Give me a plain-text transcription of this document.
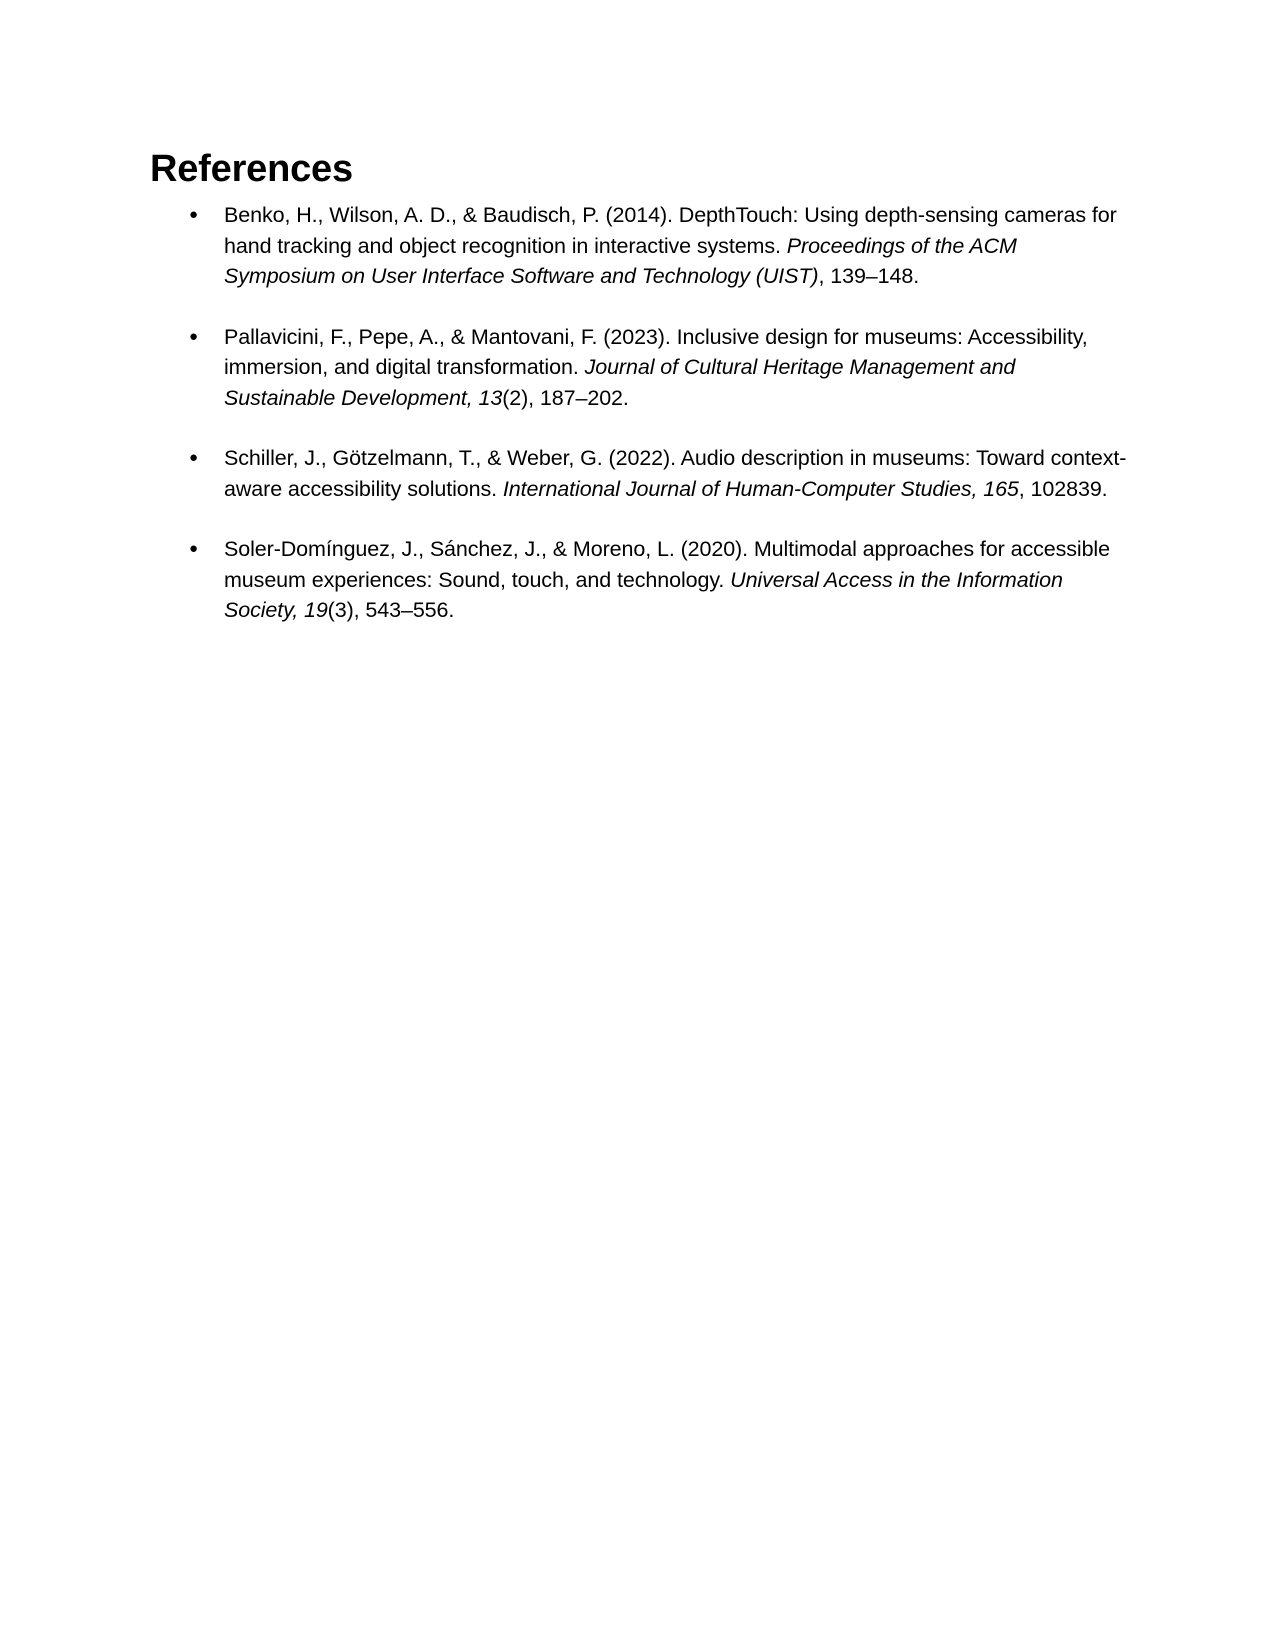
References
● Benko, H., Wilson, A. D., & Baudisch, P. (2014). DepthTouch: Using depth-sensing cameras for hand tracking and object recognition in interactive systems. Proceedings of the ACM Symposium on User Interface Software and Technology (UIST), 139–148.
● Pallavicini, F., Pepe, A., & Mantovani, F. (2023). Inclusive design for museums: Accessibility, immersion, and digital transformation. Journal of Cultural Heritage Management and Sustainable Development, 13(2), 187–202.
● Schiller, J., Götzelmann, T., & Weber, G. (2022). Audio description in museums: Toward context-aware accessibility solutions. International Journal of Human-Computer Studies, 165, 102839.
● Soler-Domínguez, J., Sánchez, J., & Moreno, L. (2020). Multimodal approaches for accessible museum experiences: Sound, touch, and technology. Universal Access in the Information Society, 19(3), 543–556.
